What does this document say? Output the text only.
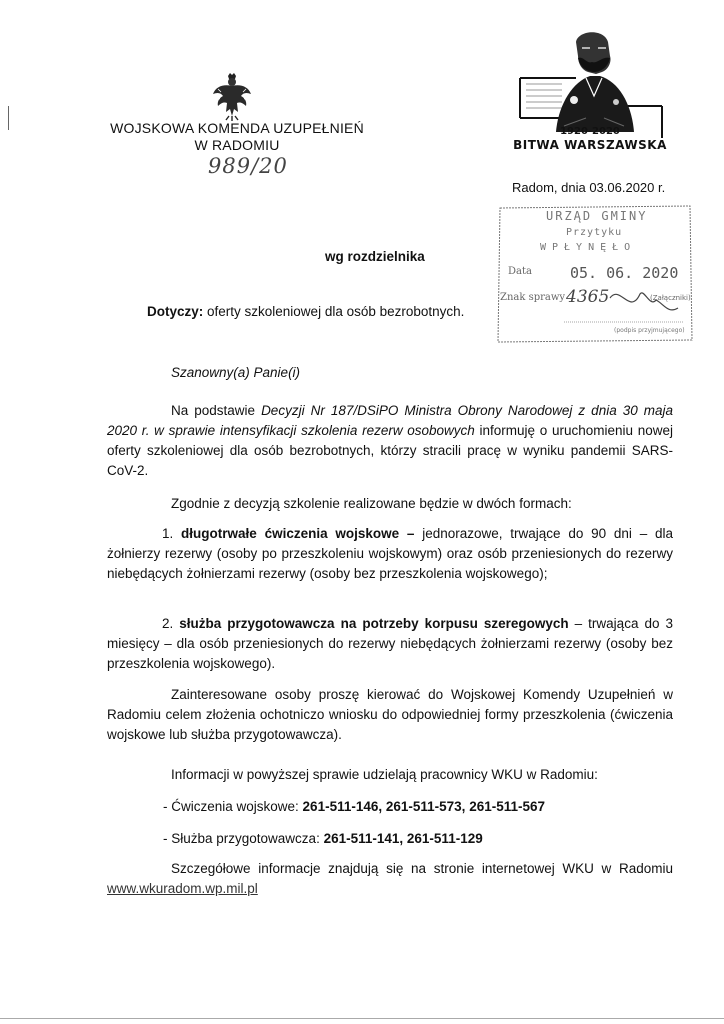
WOJSKOWA KOMENDA UZUPEŁNIEŃ
W RADOMIU
989/20
1920-2020
BITWA WARSZAWSKA
Radom, dnia 03.06.2020 r.
URZĄD GMINY
Przytyku
WPŁYNĘŁO
Data	05. 06. 2020
Znak sprawy 4365	(Załączniki)
(podpis przyjmującego)
wg rozdzielnika
Dotyczy: oferty szkoleniowej dla osób bezrobotnych.
Szanowny(a) Panie(i)

Na podstawie Decyzji Nr 187/DSiPO Ministra Obrony Narodowej z dnia 30 maja 2020 r. w sprawie intensyfikacji szkolenia rezerw osobowych informuję o uruchomieniu nowej oferty szkoleniowej dla osób bezrobotnych, którzy stracili pracę w wyniku pandemii SARS-CoV-2.

Zgodnie z decyzją szkolenie realizowane będzie w dwóch formach:

1. długotrwałe ćwiczenia wojskowe – jednorazowe, trwające do 90 dni – dla żołnierzy rezerwy (osoby po przeszkoleniu wojskowym) oraz osób przeniesionych do rezerwy niebędących żołnierzami rezerwy (osoby bez przeszkolenia wojskowego);

2. służba przygotowawcza na potrzeby korpusu szeregowych – trwająca do 3 miesięcy – dla osób przeniesionych do rezerwy niebędących żołnierzami rezerwy (osoby bez przeszkolenia wojskowego).

Zainteresowane osoby proszę kierować do Wojskowej Komendy Uzupełnień w Radomiu celem złożenia ochotniczo wniosku do odpowiedniej formy przeszkolenia (ćwiczenia wojskowe lub służba przygotowawcza).

Informacji w powyższej sprawie udzielają pracownicy WKU w Radomiu:

- Ćwiczenia wojskowe: 261-511-146, 261-511-573, 261-511-567

- Służba przygotowawcza: 261-511-141, 261-511-129

Szczegółowe informacje znajdują się na stronie internetowej WKU w Radomiu www.wkuradom.wp.mil.pl
